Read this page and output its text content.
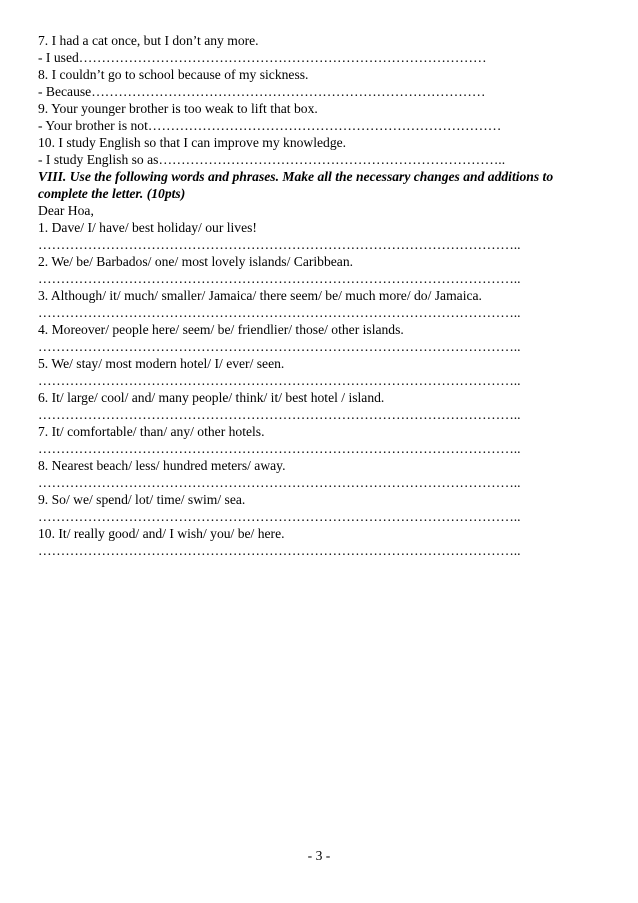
7. I had a cat once, but I don’t any more.
- I used………………………………………………………………………………
8. I couldn’t go to school because of my sickness.
- Because……………………………………………………………………………
9. Your younger brother is too weak to lift that box.
- Your brother is not……………………………………………………………………
10. I study English so that I can improve my knowledge.
- I study English so as…………………………………………………………………..
VIII. Use the following words and phrases. Make all the necessary changes and additions to complete the letter. (10pts)
Dear Hoa,
1. Dave/ I/ have/ best holiday/ our lives!
……………………………………………………………………………………………..
2. We/ be/ Barbados/ one/ most lovely islands/ Caribbean.
……………………………………………………………………………………………..
3. Although/ it/ much/ smaller/ Jamaica/ there seem/ be/ much more/ do/ Jamaica.
……………………………………………………………………………………………..
4. Moreover/ people here/ seem/ be/ friendlier/ those/ other islands.
……………………………………………………………………………………………..
5. We/ stay/ most modern hotel/ I/ ever/ seen.
……………………………………………………………………………………………..
6. It/ large/ cool/ and/ many people/ think/ it/ best hotel / island.
……………………………………………………………………………………………..
7. It/ comfortable/ than/ any/ other hotels.
……………………………………………………………………………………………..
8. Nearest beach/ less/ hundred meters/ away.
……………………………………………………………………………………………..
9. So/ we/ spend/ lot/ time/ swim/ sea.
……………………………………………………………………………………………..
10. It/ really good/ and/ I wish/ you/ be/ here.
……………………………………………………………………………………………..
- 3 -
